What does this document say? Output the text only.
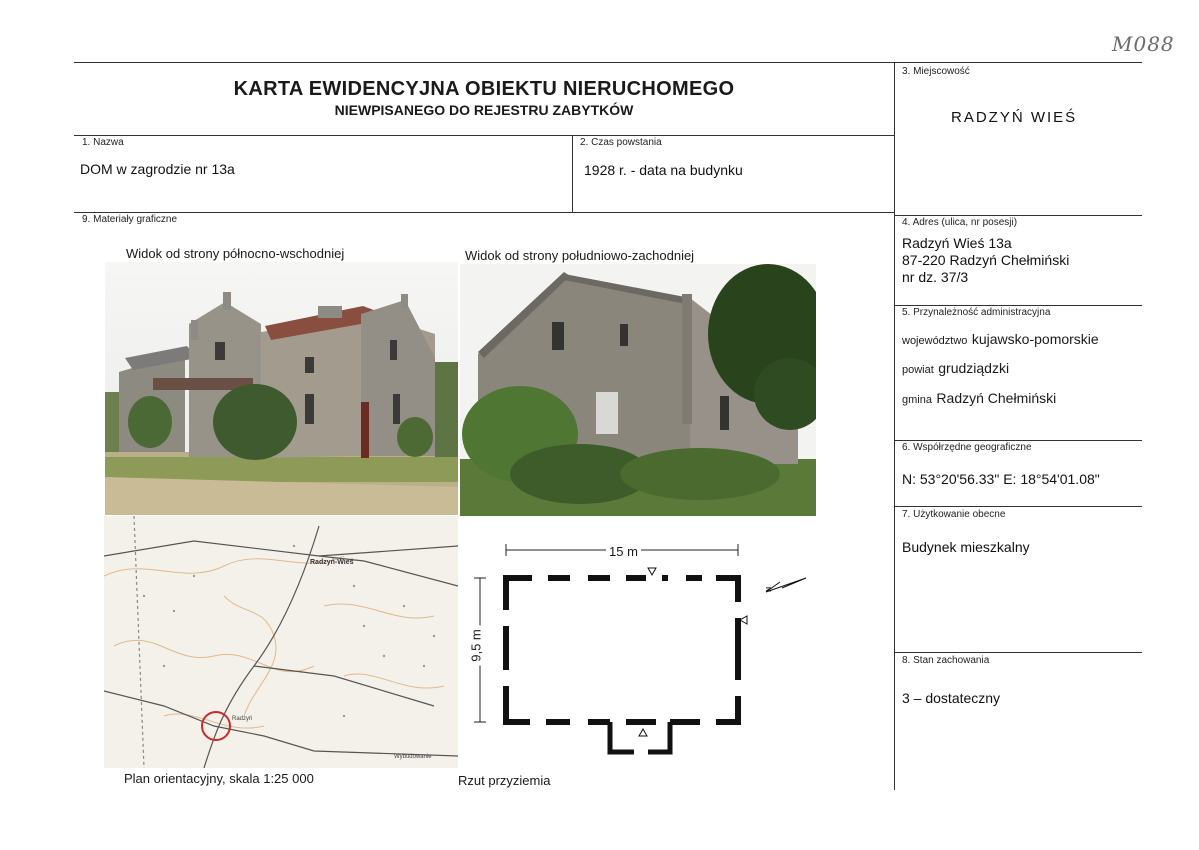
M088
KARTA EWIDENCYJNA OBIEKTU NIERUCHOMEGO
NIEWPISANEGO DO REJESTRU ZABYTKÓW
1. Nazwa
DOM w zagrodzie nr 13a
2. Czas powstania
1928 r. - data na budynku
3. Miejscowość
RADZYŃ WIEŚ
4. Adres (ulica, nr posesji)
Radzyń Wieś 13a
87-220 Radzyń Chełmiński
nr dz. 37/3
5. Przynależność administracyjna
województwo kujawsko-pomorskie
powiat grudziądzki
gmina Radzyń Chełmiński
6. Współrzędne geograficzne
N: 53°20'56.33" E: 18°54'01.08"
7. Użytkowanie obecne
Budynek mieszkalny
8. Stan zachowania
3 – dostateczny
9. Materiały graficzne
Widok od strony północno-wschodniej	Widok od strony południowo-zachodniej
Plan orientacyjny, skala 1:25 000	Rzut przyziemia
Radzyń-Wieś
Radzyń
Wybudowanie
15 m
9,5 m
N
